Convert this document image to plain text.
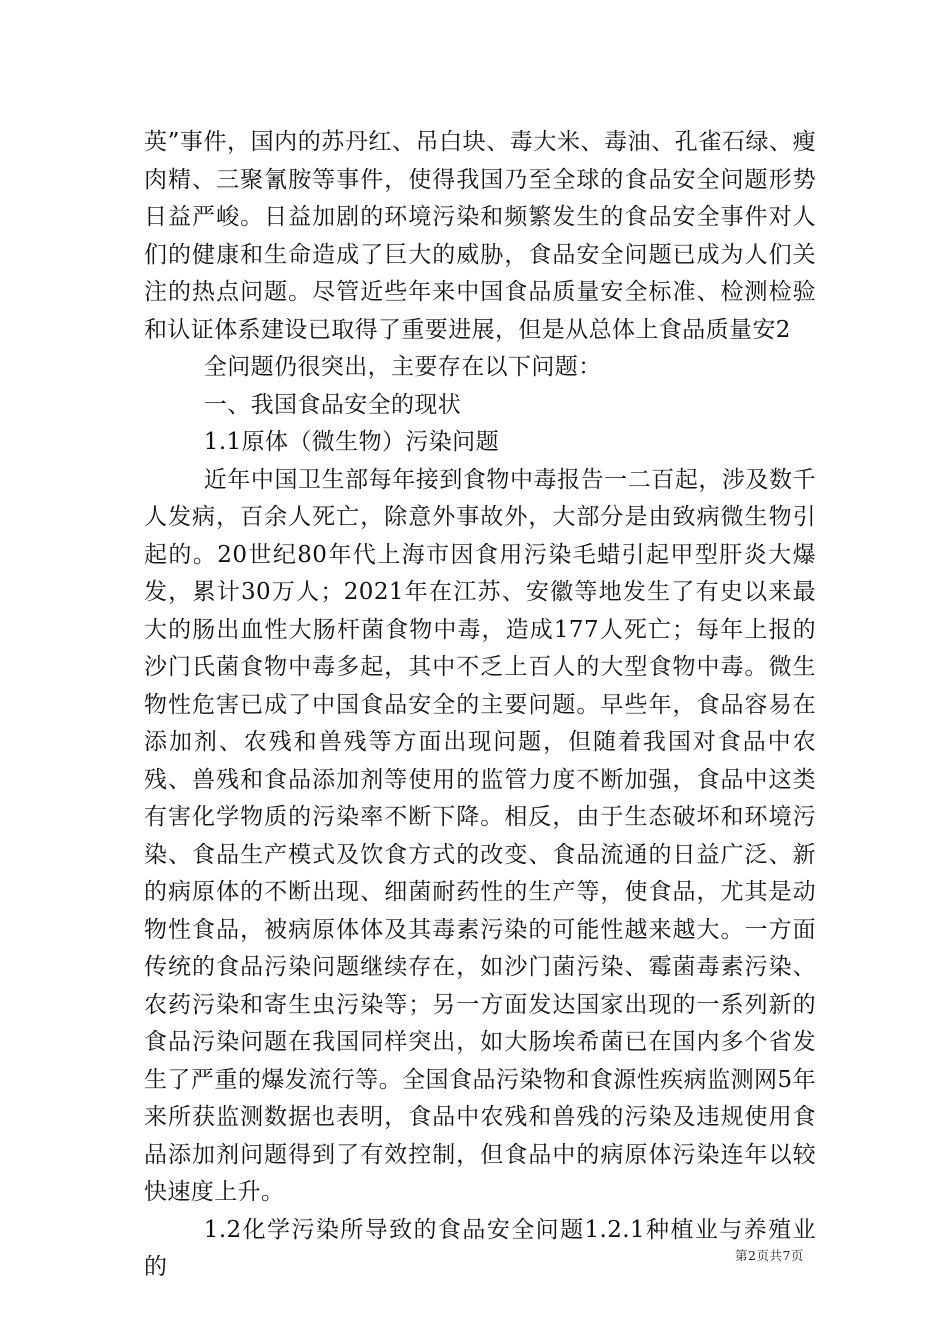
英”事件，国内的苏丹红、吊白块、毒大米、毒油、孔雀石绿、瘦肉精、三聚氰胺等事件，使得我国乃至全球的食品安全问题形势日益严峻。日益加剧的环境污染和频繁发生的食品安全事件对人们的健康和生命造成了巨大的威胁，食品安全问题已成为人们关注的热点问题。尽管近些年来中国食品质量安全标准、检测检验和认证体系建设已取得了重要进展，但是从总体上食品质量安2

全问题仍很突出，主要存在以下问题：

一、我国食品安全的现状

1.1原体（微生物）污染问题

近年中国卫生部每年接到食物中毒报告一二百起，涉及数千人发病，百余人死亡，除意外事故外，大部分是由致病微生物引起的。20世纪80年代上海市因食用污染毛蜡引起甲型肝炎大爆发，累计30万人；2021年在江苏、安徽等地发生了有史以来最大的肠出血性大肠杆菌食物中毒，造成177人死亡；每年上报的沙门氏菌食物中毒多起，其中不乏上百人的大型食物中毒。微生物性危害已成了中国食品安全的主要问题。早些年，食品容易在添加剂、农残和兽残等方面出现问题，但随着我国对食品中农残、兽残和食品添加剂等使用的监管力度不断加强，食品中这类有害化学物质的污染率不断下降。相反，由于生态破坏和环境污染、食品生产模式及饮食方式的改变、食品流通的日益广泛、新的病原体的不断出现、细菌耐药性的生产等，使食品，尤其是动物性食品，被病原体体及其毒素污染的可能性越来越大。一方面传统的食品污染问题继续存在，如沙门菌污染、霉菌毒素污染、农药污染和寄生虫污染等；另一方面发达国家出现的一系列新的食品污染问题在我国同样突出，如大肠埃希菌已在国内多个省发生了严重的爆发流行等。全国食品污染物和食源性疾病监测网5年来所获监测数据也表明，食品中农残和兽残的污染及违规使用食品添加剂问题得到了有效控制，但食品中的病原体污染连年以较快速度上升。

1.2化学污染所导致的食品安全问题1.2.1种植业与养殖业的	第2页共7页
